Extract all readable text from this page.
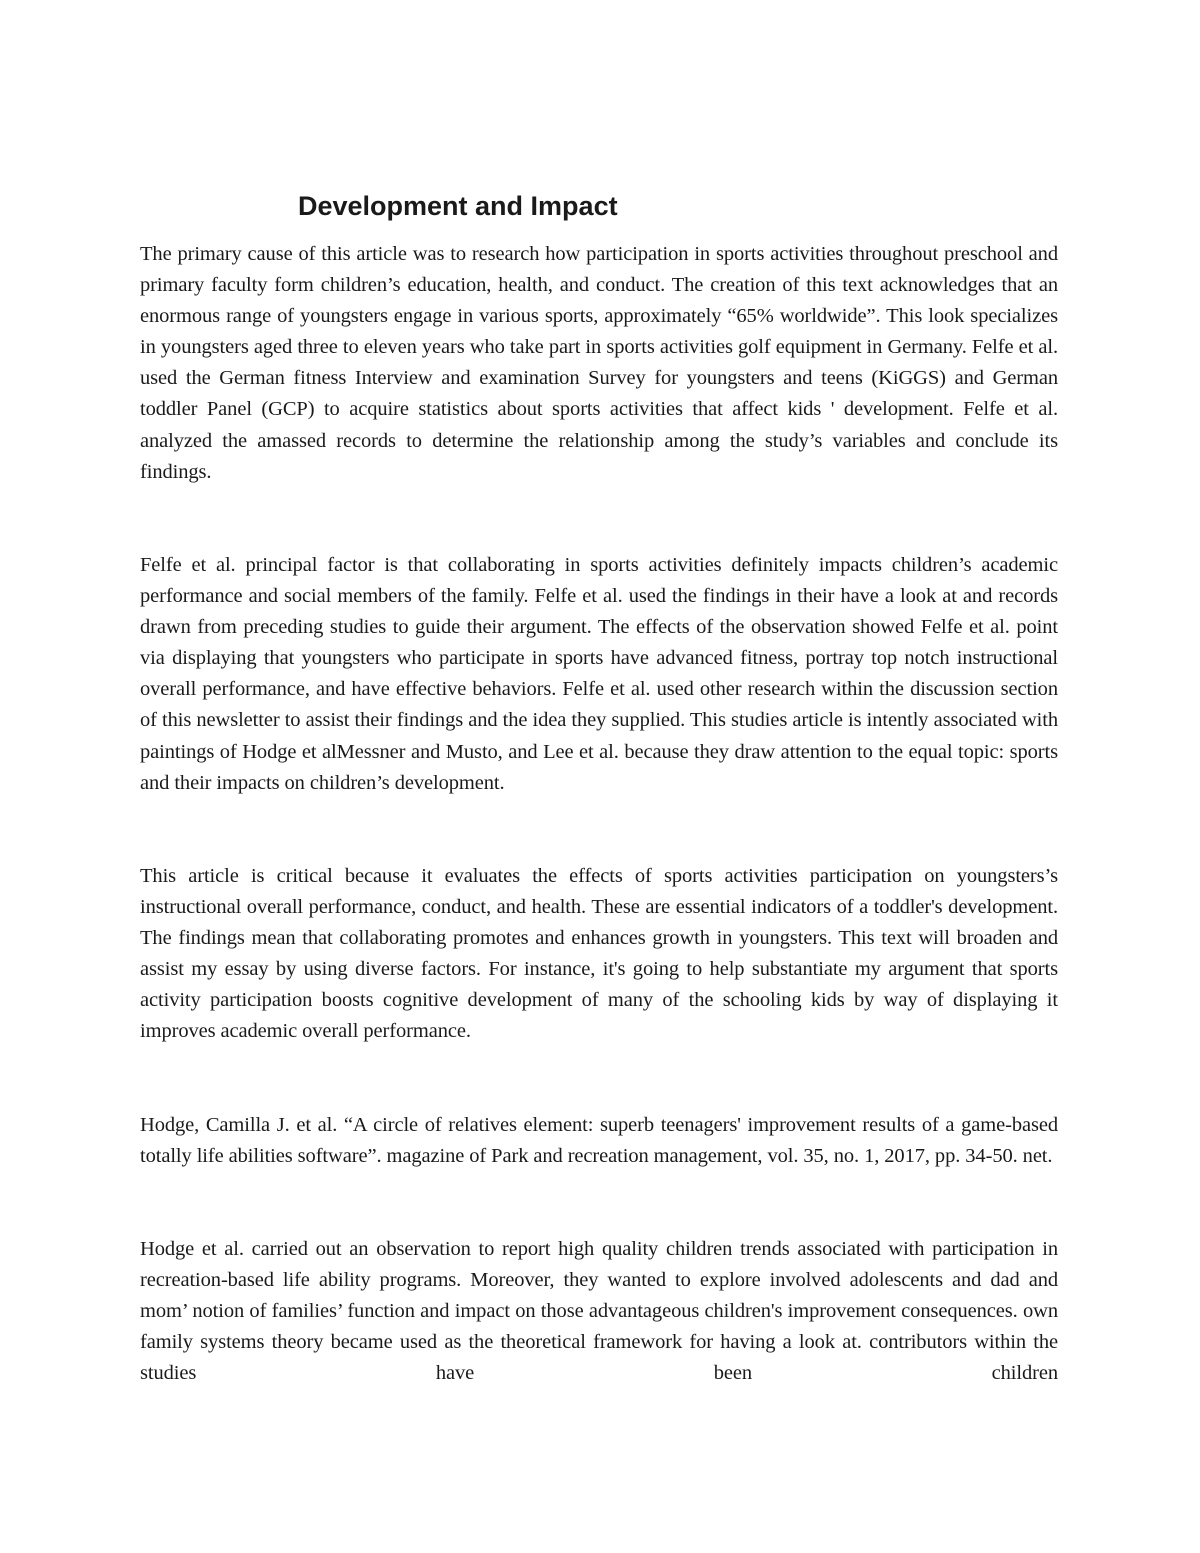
Development and Impact

The primary cause of this article was to research how participation in sports activities throughout preschool and primary faculty form children’s education, health, and conduct. The creation of this text acknowledges that an enormous range of youngsters engage in various sports, approximately “65% worldwide”. This look specializes in youngsters aged three to eleven years who take part in sports activities golf equipment in Germany. Felfe et al. used the German fitness Interview and examination Survey for youngsters and teens (KiGGS) and German toddler Panel (GCP) to acquire statistics about sports activities that affect kids ' development. Felfe et al. analyzed the amassed records to determine the relationship among the study’s variables and conclude its findings.

Felfe et al. principal factor is that collaborating in sports activities definitely impacts children’s academic performance and social members of the family. Felfe et al. used the findings in their have a look at and records drawn from preceding studies to guide their argument. The effects of the observation showed Felfe et al. point via displaying that youngsters who participate in sports have advanced fitness, portray top notch instructional overall performance, and have effective behaviors. Felfe et al. used other research within the discussion section of this newsletter to assist their findings and the idea they supplied. This studies article is intently associated with paintings of Hodge et alMessner and Musto, and Lee et al. because they draw attention to the equal topic: sports and their impacts on children’s development.

This article is critical because it evaluates the effects of sports activities participation on youngsters’s instructional overall performance, conduct, and health. These are essential indicators of a toddler's development. The findings mean that collaborating promotes and enhances growth in youngsters. This text will broaden and assist my essay by using diverse factors. For instance, it's going to help substantiate my argument that sports activity participation boosts cognitive development of many of the schooling kids by way of displaying it improves academic overall performance.

Hodge, Camilla J. et al. “A circle of relatives element: superb teenagers' improvement results of a game-based totally life abilities software”. magazine of Park and recreation management, vol. 35, no. 1, 2017, pp. 34-50. net.

Hodge et al. carried out an observation to report high quality children trends associated with participation in recreation-based life ability programs. Moreover, they wanted to explore involved adolescents and dad and mom’ notion of families’ function and impact on those advantageous children's improvement consequences. own family systems theory became used as the theoretical framework for having a look at. contributors within the studies have been children
